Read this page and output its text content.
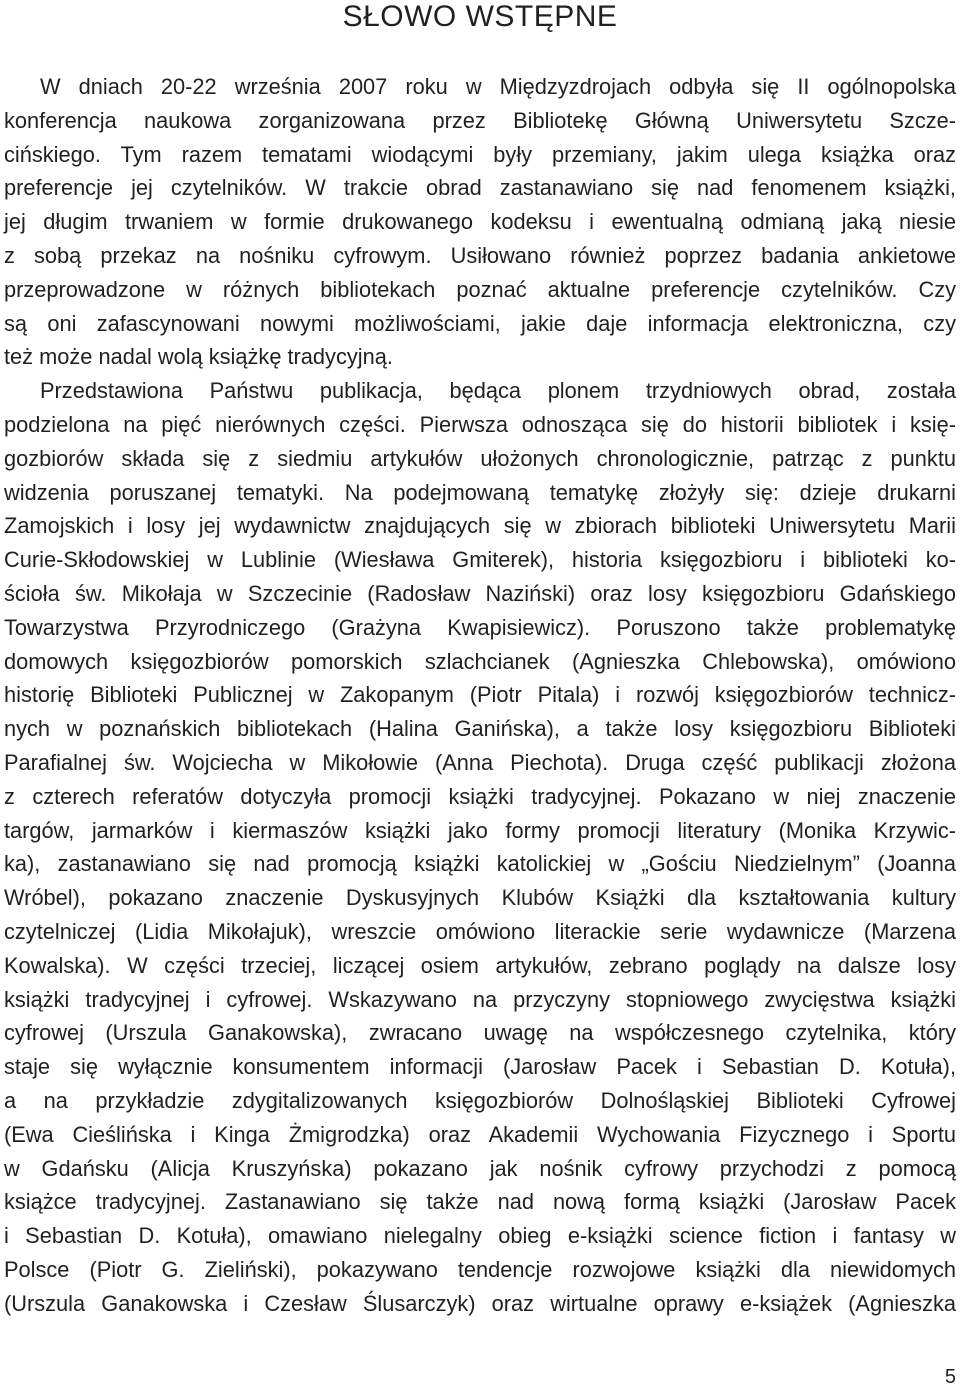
SŁOWO WSTĘPNE
W dniach 20-22 września 2007 roku w Międzyzdrojach odbyła się II ogólnopolska
konferencja naukowa zorganizowana przez Bibliotekę Główną Uniwersytetu Szcze-
cińskiego. Tym razem tematami wiodącymi były przemiany, jakim ulega książka oraz
preferencje jej czytelników. W trakcie obrad zastanawiano się nad fenomenem książki,
jej długim trwaniem w formie drukowanego kodeksu i ewentualną odmianą jaką niesie
z sobą przekaz na nośniku cyfrowym. Usiłowano również poprzez badania ankietowe
przeprowadzone w różnych bibliotekach poznać aktualne preferencje czytelników. Czy
są oni zafascynowani nowymi możliwościami, jakie daje informacja elektroniczna, czy
też może nadal wolą książkę tradycyjną.
Przedstawiona Państwu publikacja, będąca plonem trzydniowych obrad, została
podzielona na pięć nierównych części. Pierwsza odnosząca się do historii bibliotek i księ-
gozbiorów składa się z siedmiu artykułów ułożonych chronologicznie, patrząc z punktu
widzenia poruszanej tematyki. Na podejmowaną tematykę złożyły się: dzieje drukarni
Zamojskich i losy jej wydawnictw znajdujących się w zbiorach biblioteki Uniwersytetu Marii
Curie-Skłodowskiej w Lublinie (Wiesława Gmiterek), historia księgozbioru i biblioteki ko-
ścioła św. Mikołaja w Szczecinie (Radosław Naziński) oraz losy księgozbioru Gdańskiego
Towarzystwa Przyrodniczego (Grażyna Kwapisiewicz). Poruszono także problematykę
domowych księgozbiorów pomorskich szlachcianek (Agnieszka Chlebowska), omówiono
historię Biblioteki Publicznej w Zakopanym (Piotr Pitala) i rozwój księgozbiorów technicz-
nych w poznańskich bibliotekach (Halina Ganińska), a także losy księgozbioru Biblioteki
Parafialnej św. Wojciecha w Mikołowie (Anna Piechota). Druga część publikacji złożona
z czterech referatów dotyczyła promocji książki tradycyjnej. Pokazano w niej znaczenie
targów, jarmarków i kiermaszów książki jako formy promocji literatury (Monika Krzywic-
ka), zastanawiano się nad promocją książki katolickiej w „Gościu Niedzielnym” (Joanna
Wróbel), pokazano znaczenie Dyskusyjnych Klubów Książki dla kształtowania kultury
czytelniczej (Lidia Mikołajuk), wreszcie omówiono literackie serie wydawnicze (Marzena
Kowalska). W części trzeciej, liczącej osiem artykułów, zebrano poglądy na dalsze losy
książki tradycyjnej i cyfrowej. Wskazywano na przyczyny stopniowego zwycięstwa książki
cyfrowej (Urszula Ganakowska), zwracano uwagę na współczesnego czytelnika, który
staje się wyłącznie konsumentem informacji (Jarosław Pacek i Sebastian D. Kotuła),
a na przykładzie zdygitalizowanych księgozbiorów Dolnośląskiej Biblioteki Cyfrowej
(Ewa Cieślińska i Kinga Żmigrodzka) oraz Akademii Wychowania Fizycznego i Sportu
w Gdańsku (Alicja Kruszyńska) pokazano jak nośnik cyfrowy przychodzi z pomocą
książce tradycyjnej. Zastanawiano się także nad nową formą książki (Jarosław Pacek
i Sebastian D. Kotuła), omawiano nielegalny obieg e-książki science fiction i fantasy w
Polsce (Piotr G. Zieliński), pokazywano tendencje rozwojowe książki dla niewidomych
(Urszula Ganakowska i Czesław Ślusarczyk) oraz wirtualne oprawy e-książek (Agnieszka
5
